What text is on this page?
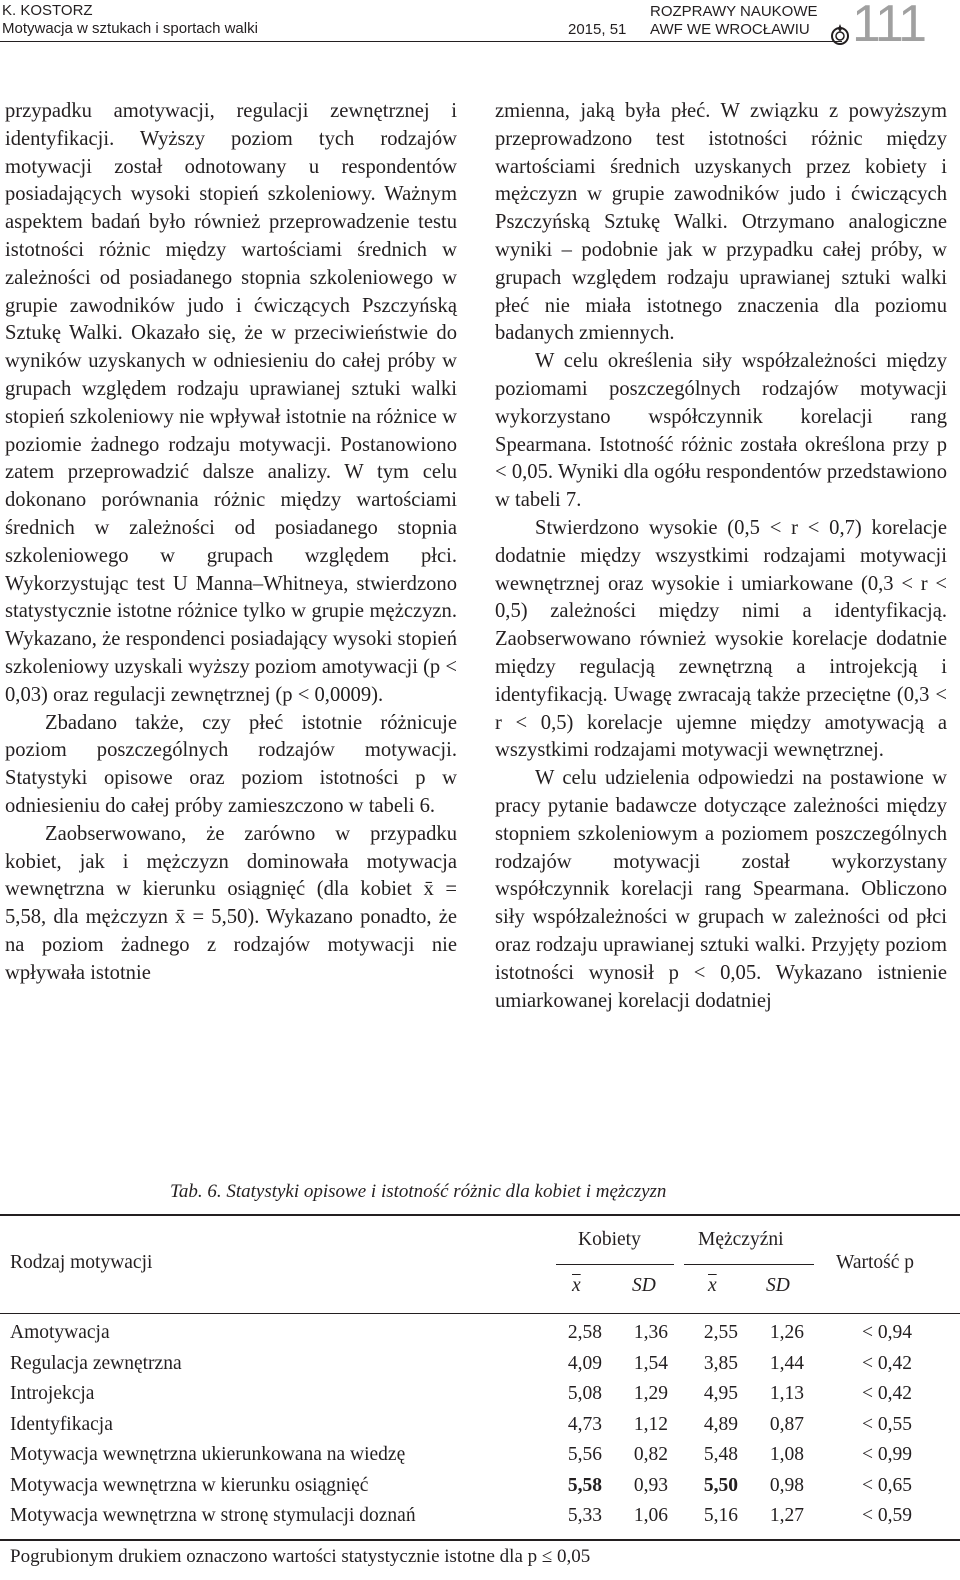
K. KOSTORZ
Motywacja w sztukach i sportach walki	2015, 51
ROZPRAWY NAUKOWE
AWF WE WROCŁAWIU 111

przypadku amotywacji, regulacji zewnętrznej i identyfikacji. Wyższy poziom tych rodzajów motywacji został odnotowany u respondentów posiadających wysoki stopień szkoleniowy. Ważnym aspektem badań było również przeprowadzenie testu istotności różnic między wartościami średnich w zależności od posiadanego stopnia szkoleniowego w grupie zawodników judo i ćwiczących Pszczyńską Sztukę Walki. Okazało się, że w przeciwieństwie do wyników uzyskanych w odniesieniu do całej próby w grupach względem rodzaju uprawianej sztuki walki stopień szkoleniowy nie wpływał istotnie na różnice w poziomie żadnego rodzaju motywacji. Postanowiono zatem przeprowadzić dalsze analizy. W tym celu dokonano porównania różnic między wartościami średnich w zależności od posiadanego stopnia szkoleniowego w grupach względem płci. Wykorzystując test U Manna–Whitneya, stwierdzono statystycznie istotne różnice tylko w grupie mężczyzn. Wykazano, że respondenci posiadający wysoki stopień szkoleniowy uzyskali wyższy poziom amotywacji (p < 0,03) oraz regulacji zewnętrznej (p < 0,0009).

Zbadano także, czy płeć istotnie różnicuje poziom poszczególnych rodzajów motywacji. Statystyki opisowe oraz poziom istotności p w odniesieniu do całej próby zamieszczono w tabeli 6.

Zaobserwowano, że zarówno w przypadku kobiet, jak i mężczyzn dominowała motywacja wewnętrzna w kierunku osiągnięć (dla kobiet x̄ = 5,58, dla mężczyzn x̄ = 5,50). Wykazano ponadto, że na poziom żadnego z rodzajów motywacji nie wpływała istotnie

zmienna, jaką była płeć. W związku z powyższym przeprowadzono test istotności różnic między wartościami średnich uzyskanych przez kobiety i mężczyzn w grupie zawodników judo i ćwiczących Pszczyńską Sztukę Walki. Otrzymano analogiczne wyniki – podobnie jak w przypadku całej próby, w grupach względem rodzaju uprawianej sztuki walki płeć nie miała istotnego znaczenia dla poziomu badanych zmiennych.

W celu określenia siły współzależności między poziomami poszczególnych rodzajów motywacji wykorzystano współczynnik korelacji rang Spearmana. Istotność różnic została określona przy p < 0,05. Wyniki dla ogółu respondentów przedstawiono w tabeli 7.

Stwierdzono wysokie (0,5 < r < 0,7) korelacje dodatnie między wszystkimi rodzajami motywacji wewnętrznej oraz wysokie i umiarkowane (0,3 < r < 0,5) zależności między nimi a identyfikacją. Zaobserwowano również wysokie korelacje dodatnie między regulacją zewnętrzną a introjekcją i identyfikacją. Uwagę zwracają także przeciętne (0,3 < r < 0,5) korelacje ujemne między amotywacją a wszystkimi rodzajami motywacji wewnętrznej.

W celu udzielenia odpowiedzi na postawione w pracy pytanie badawcze dotyczące zależności między stopniem szkoleniowym a poziomem poszczególnych rodzajów motywacji został wykorzystany współczynnik korelacji rang Spearmana. Obliczono siły współzależności w grupach w zależności od płci oraz rodzaju uprawianej sztuki walki. Przyjęty poziom istotności wynosił p < 0,05. Wykazano istnienie umiarkowanej korelacji dodatniej

Tab. 6. Statystyki opisowe i istotność różnic dla kobiet i mężczyzn
Rodzaj motywacji
Kobiety	Mężczyźni
Wartość p
$\overline{x}$	SD	$\overline{x}$	SD
Amotywacja	2,58	1,36	2,55	1,26	< 0,94
Regulacja zewnętrzna	4,09	1,54	3,85	1,44	< 0,42
Introjekcja	5,08	1,29	4,95	1,13	< 0,42
Identyfikacja	4,73	1,12	4,89	0,87	< 0,55
Motywacja wewnętrzna ukierunkowana na wiedzę	5,56	0,82	5,48	1,08	< 0,99
Motywacja wewnętrzna w kierunku osiągnięć	5,58	0,93	5,50	0,98	< 0,65
Motywacja wewnętrzna w stronę stymulacji doznań	5,33	1,06	5,16	1,27	< 0,59
Pogrubionym drukiem oznaczono wartości statystycznie istotne dla p ≤ 0,05
